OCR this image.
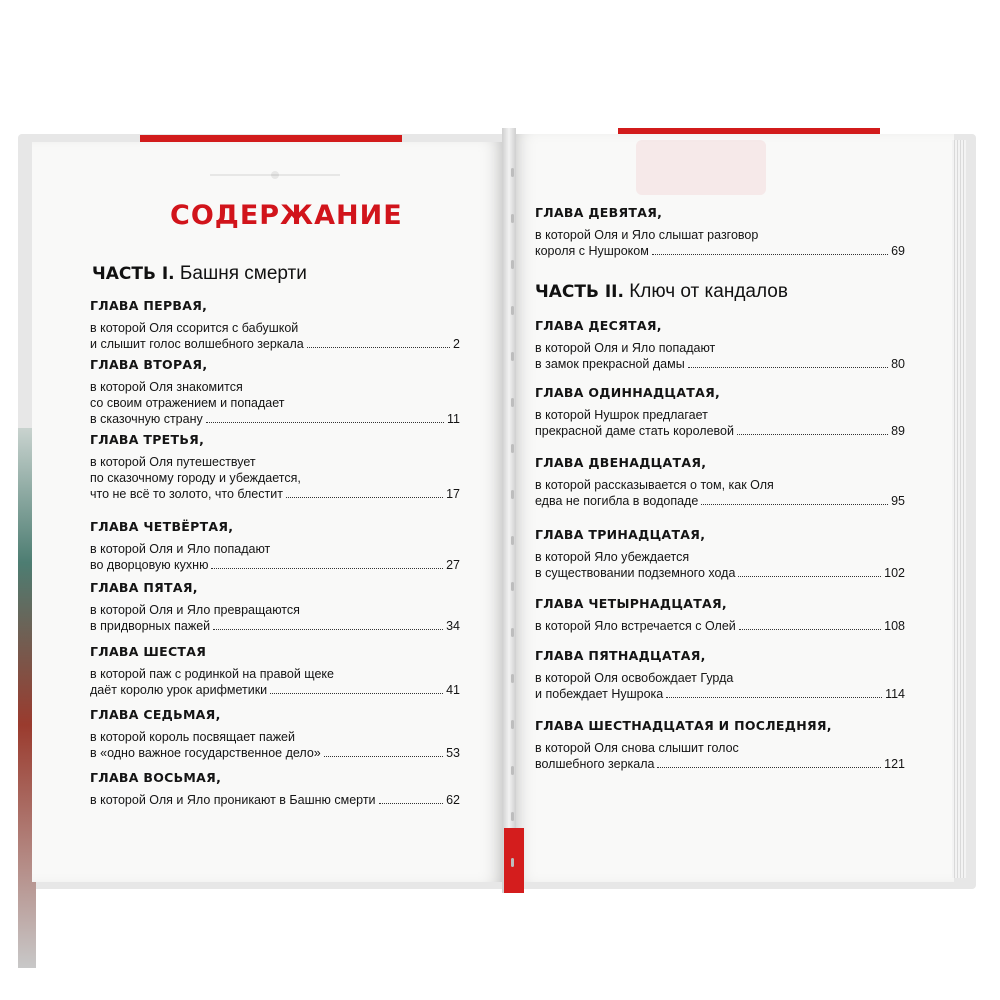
СОДЕРЖАНИЕ
ЧАСТЬ I. Башня смерти
ГЛАВА ПЕРВАЯ,
в которой Оля ссорится с бабушкой
и слышит голос волшебного зеркала	2
ГЛАВА ВТОРАЯ,
в которой Оля знакомится
со своим отражением и попадает
в сказочную страну	11
ГЛАВА ТРЕТЬЯ,
в которой Оля путешествует
по сказочному городу и убеждается,
что не всё то золото, что блестит	17
ГЛАВА ЧЕТВЁРТАЯ,
в которой Оля и Яло попадают
во дворцовую кухню	27
ГЛАВА ПЯТАЯ,
в которой Оля и Яло превращаются
в придворных пажей	34
ГЛАВА ШЕСТАЯ
в которой паж с родинкой на правой щеке
даёт королю урок арифметики	41
ГЛАВА СЕДЬМАЯ,
в которой король посвящает пажей
в «одно важное государственное дело»	53
ГЛАВА ВОСЬМАЯ,
в которой Оля и Яло проникают в Башню смерти	62
ГЛАВА ДЕВЯТАЯ,
в которой Оля и Яло слышат разговор
короля с Нушроком	69
ЧАСТЬ II. Ключ от кандалов
ГЛАВА ДЕСЯТАЯ,
в которой Оля и Яло попадают
в замок прекрасной дамы	80
ГЛАВА ОДИННАДЦАТАЯ,
в которой Нушрок предлагает
прекрасной даме стать королевой	89
ГЛАВА ДВЕНАДЦАТАЯ,
в которой рассказывается о том, как Оля
едва не погибла в водопаде	95
ГЛАВА ТРИНАДЦАТАЯ,
в которой Яло убеждается
в существовании подземного хода	102
ГЛАВА ЧЕТЫРНАДЦАТАЯ,
в которой Яло встречается с Олей	108
ГЛАВА ПЯТНАДЦАТАЯ,
в которой Оля освобождает Гурда
и побеждает Нушрока	114
ГЛАВА ШЕСТНАДЦАТАЯ И ПОСЛЕДНЯЯ,
в которой Оля снова слышит голос
волшебного зеркала	121
